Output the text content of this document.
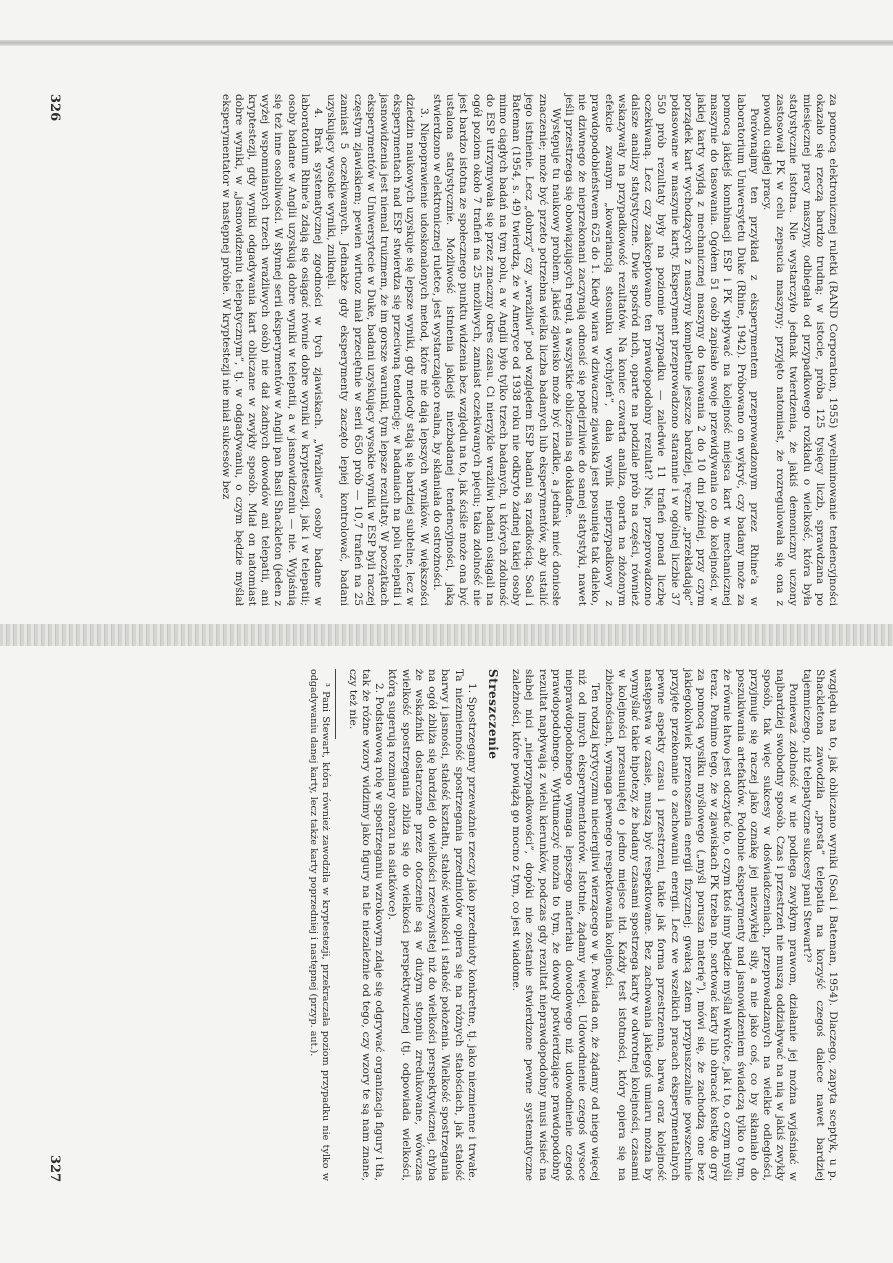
za pomocą elektronicznej ruletki (RAND Corporation, 1955) wyeliminowanie tendencyjności okazało się rzeczą bardzo trudną; w istocie, próba 125 tysięcy liczb, sprawdzana po miesięcznej pracy maszyny, odbiegała od przypadkowego rozkładu o wielkość, która była statystycznie istotna. Nie wystarczyło jednak twierdzenia, że jakiś demoniczny uczony zastosował PK w celu zepsucia maszyny; przyjęto natomiast, że rozregulowała się ona z powodu ciągłej pracy.

Porównajmy ten przykład z eksperymentem przeprowadzonym przez Rhine'a w laboratorium Uniwersytetu Duke (Rhine, 1942). Próbowano on wykryć, czy badany może za pomocą jakiejś kombinacji ESP i PK wpływać na kolejność miejsca kart w mechanicznej maszynie do tasowania. Ogółem 51 osób zapisało swoje przewidywania co do kolejności, w jakiej karty wyjdą z mechanicznej maszyny do tasowania 2 do 10 dni później, przy czym porządek kart wychodzących z maszyny kompletnie jeszcze bardziej, ręcznie „przekładając” połasowane w maszynie karty. Eksperyment przeprowadzono starannie i w ogólnej liczbie 37 550 prób rezultaty były na poziomie przypadku — zaledwie 11 trafień ponad liczbę oczekiwaną. Lecz czy zaakceptowano ten prawdopodobny rezultat? Nie, przeprowadzono dalsze analizy statystyczne. Dwie spośród nich, oparte na podziale prób na części, również wskazywały na przypadkowość rezultatów. Na koniec czwarta analiza, oparta na złożonym efekcie zwanym „kowariancją stosunku wychyleń”, dała wynik nieprzypadkowy z prawdopodobieństwem 625 do 1. Kiedy wiara w dziwaczne zjawiska jest posunięta tak daleko, nie dziwnego że nieprzekonani zaczynają odnosić się podejrzliwie do samej statystyki, nawet jeśli przestrzega się obowiązujących reguł, a wszystkie obliczenia są dokładne.

Występuje tu naukowy problem. Jakieś zjawisko może być rzadkie, a jednak mieć doniosłe znaczenie; może być przeto potrzebna wielka liczba badanych lub eksperymentów, aby ustalić jego istnienie. Lecz „dobrzy” czy „wrażliwi” pod względem ESP badani są rzadkością. Soal i Bateman (1954, s. 49) twierdzą, że w Ameryce od 1938 roku nie odkryto żadnej takiej osoby mimo ciągłych badań na tym polu, a w Anglii było tylko trzech badanych, u których zdolność do ESP utrzymywała się przez znaczny okres czasu. Ci nierzykle wrażliwi badani osiągali na ogół poziom około 7 trafień na 25 możliwych, zamiast oczekiwanych pięciu; taka zdolność nie jest bardzo istotna ze społecznego punktu widzenia bez względu na to, jak ściśle może ona być ustalona statystycznie. Możliwość istnienia jakiejś niezbadanej tendencyjności, jaką stwierdzono w elektronicznej ruletce, jest wystarczająco realna, by skłaniała do ostrożności.

3. Niepoprawienie udoskonalonych metod, które nie dają lepszych wyników. W większości dziedzin naukowych uzyskuje się lepsze wyniki, gdy metody stają się bardziej subtelne, lecz w eksperymentach nad ESP stwierdza się przeciwną tendencję; w badaniach na polu telepatii i jasnowidzenia jest niemal truizmem, że im gorsze warunki, tym lepsze rezultaty. W początkach eksperymentów w Uniwersytecie w Duke, badani uzyskujący wysokie wyniki w ESP byli raczej częstym zjawiskiem; pewien wirtuoz miał przeciętnie w serii 650 prób — 10,7 trafień na 25 zamiast 5 oczekiwanych. Jednakże gdy eksperymenty zaczęto lepiej kontrolować, badani uzyskujący wysokie wyniki, zniknęli.

4. Brak systematycznej zgodności w tych zjawiskach. „Wrażliwe” osoby badane w laboratorium Rhine'a zdają się osiągać równie dobre wyniki w kryptestezji, jak i w telepatii; osoby badane w Anglii uzyskują dobre wyniki w telepatii, a w jasnowidzeniu — nie. Wyjaśnią się też inne osobliwości. W słynnej serii eksperymentów w Anglii pan Basil Shackleton (jeden z wyżej wspomnianych trzech wrażliwych osób) nie dał żadnych dowodów ani telepatii, ani kryptestezji, gdy wyniki odgadywania kart obliczane w zwykły sposób. Miał on natomiast dobre wyniki, w „jasnowidzeniu telepatycznym”, tj. w odgadywaniu, o czym będzie myślał eksperymentator w następnej próbie. W kryptestezji nie miał sukcesów bez

326

względu na to, jak obliczano wyniki (Soal i Bateman, 1954). Dlaczego, zapyta sceptyk, u p. Shackletona zawodziła „prosta” telepatia na korzyść czegoś dalece nawet bardziej tajemniczego, niż telepatyczne sukcesy pani Stewart?³

Ponieważ zdolność w nie podlega zwykłym prawom, działanie jej można wyjaśniać w najbardziej swobodny sposób. Czas i przestrzeń nie muszą oddziaływać na nią w jakiś zwykły sposób, tak więc sukcesy w doświadczeniach, przeprowadzanych na wielkie odległości, przyjmuje się raczej jako oznakę jej niezwykłej siły, a nie jako coś, co by skłaniało do poszukiwania artefaktów. Podobnie eksperymenty nad jasnowidzeniem świadczą tylko o tym, że równie łatwo jest odczytać to, o czym ktoś inny będzie myślał wkrótce, jak i to, o czym myśli teraz. Pomimo tego, że w zjawiskach PK trzeba np. sortować karty lub obracać kostkę do gry za pomocą wysiłku myślowego („myśl porusza materię”), mówi się, że zachodzą one bez jakiegokolwiek przenoszenia energii fizycznej; gwałcą zatem przypuszczalnie powszechnie przyjęte przekonanie o zachowaniu energii. Lecz we wszelkich pracach eksperymentalnych pewne aspekty czasu i przestrzeni, takie jak forma przestrzenna, barwa oraz kolejność następstwa w czasie, muszą być respektowane. Bez zachowania jakiegoś umiaru można by wymyślać takie hipotezy, że badany czasami spostrzega karty w odwrotnej kolejności, czasami w kolejności przesuniętej o jedno miejsce itd. Każdy test istotności, który opiera się na zbieżnościach, wymaga pewnego respektowania kolejności.

Ten rodzaj krytycyzmu nieciergliwi wierzącego w ψ. Powiada on, że żądamy od niego więcej niż od innych eksperymentatorów. Istotnie, żądamy więcej. Udowodnienie czegoś wysoce nieprawdopodobnego wymaga lepszego materiału dowodowego niż udowodnienie czegoś prawdopodobnego. Wytłumaczyć można to tym, że dowody potwierdzające prawdopodobny rezultat napływają z wielu kierunków, podczas gdy rezultat nieprawdopodobny musi wisieć na słabej nici „nieprzypadkowości”, dopóki nie zostanie stwierdzone pewne systematyczne zależności, które powiążą go mocno z tym, co jest wiadome.

Streszczenie

1. Spostrzegamy przeważnie rzeczy jako przedmioty konkretne, tj. jako niezmienne i trwałe. Ta niezmienność spostrzegania przedmiotów opiera się na różnych stałościach, jak stałość barwy i jasności, stałość kształtu, stałość wielkości i stałość położenia. Wielkość spostrzegania na ogół zbliża się bardziej do wielkości rzeczywistej niż do wielkości perspektywicznej, chyba że wskaźniki dostarczane przez otoczenie są w dużym stopniu zredukowane, wówczas wielkość spostrzegania zbliża się do wielkości perspektywicznej (tj. odpowiada wielkości, którą sugerują rozmiary obrazu na siatkówce).

2. Podstawową rolę w spostrzeganiu wzrokowym zdaje się odgrywać organizacja figury i tła, tak że różne wzory widzimy jako figury na tle niezależnie od tego, czy wzory te są nam znane, czy też nie.

³ Pani Stewart, która również zawodziła w kryptestezji, przekraczała poziom przypadku nie tylko w odgadywaniu danej karty, lecz także karty poprzedniej i następnej (przyp. aut.).

327
